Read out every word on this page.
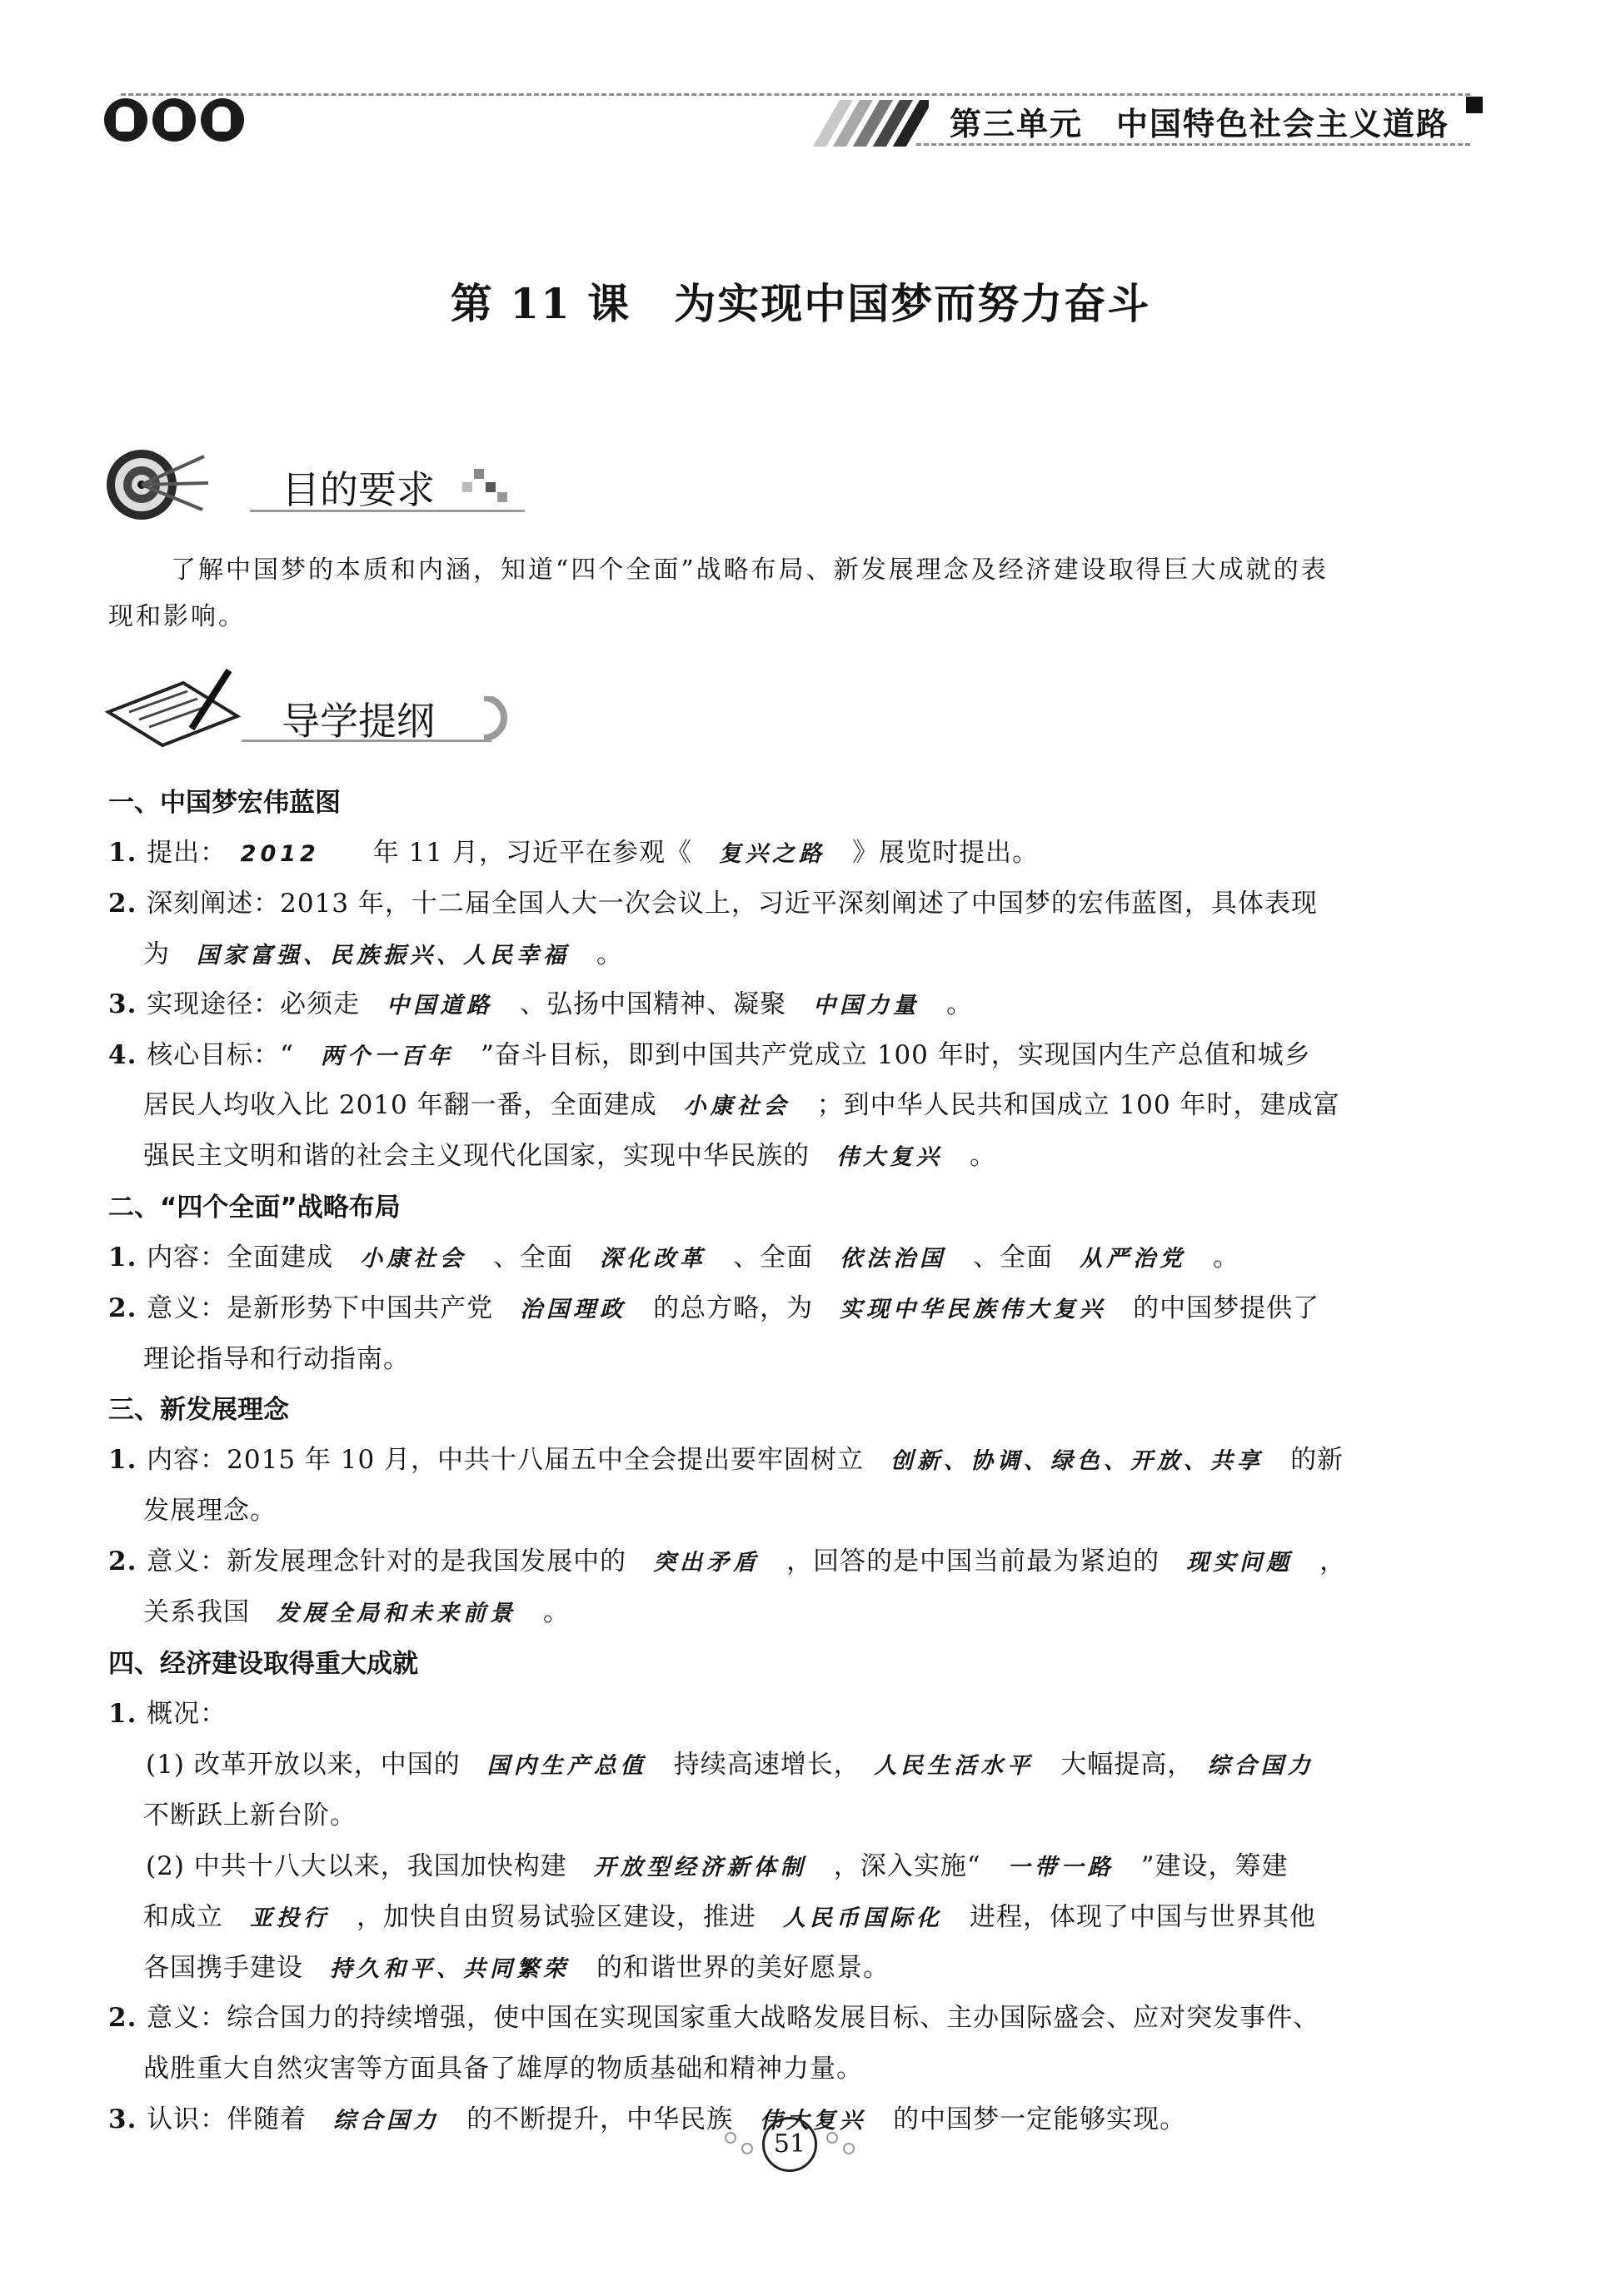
第三单元　中国特色社会主义道路
第 11 课　为实现中国梦而努力奋斗
目的要求
了解中国梦的本质和内涵，知道“四个全面”战略布局、新发展理念及经济建设取得巨大成就的表
现和影响。
导学提纲
一、中国梦宏伟蓝图
二、“四个全面”战略布局
三、新发展理念
四、经济建设取得重大成就
1. 提出：　2012　　年 11 月，习近平在参观《　复兴之路　》展览时提出。
2. 深刻阐述：2013 年，十二届全国人大一次会议上，习近平深刻阐述了中国梦的宏伟蓝图，具体表现
为　国家富强、民族振兴、人民幸福　。
3. 实现途径：必须走　中国道路　、弘扬中国精神、凝聚　中国力量　。
4. 核心目标：“　两个一百年　”奋斗目标，即到中国共产党成立 100 年时，实现国内生产总值和城乡
居民人均收入比 2010 年翻一番，全面建成　小康社会　；到中华人民共和国成立 100 年时，建成富
强民主文明和谐的社会主义现代化国家，实现中华民族的　伟大复兴　。
1. 内容：全面建成　小康社会　、全面　深化改革　、全面　依法治国　、全面　从严治党　。
2. 意义：是新形势下中国共产党　治国理政　的总方略，为　实现中华民族伟大复兴　的中国梦提供了
理论指导和行动指南。
1. 内容：2015 年 10 月，中共十八届五中全会提出要牢固树立　创新、协调、绿色、开放、共享　的新
发展理念。
2. 意义：新发展理念针对的是我国发展中的　突出矛盾　，回答的是中国当前最为紧迫的　现实问题　，
关系我国　发展全局和未来前景　。
1. 概况：
(1) 改革开放以来，中国的　国内生产总值　持续高速增长，　人民生活水平　大幅提高，　综合国力　
不断跃上新台阶。
(2) 中共十八大以来，我国加快构建　开放型经济新体制　，深入实施“　一带一路　”建设，筹建
和成立　亚投行　，加快自由贸易试验区建设，推进　人民币国际化　进程，体现了中国与世界其他
各国携手建设　持久和平、共同繁荣　的和谐世界的美好愿景。
2. 意义：综合国力的持续增强，使中国在实现国家重大战略发展目标、主办国际盛会、应对突发事件、
战胜重大自然灾害等方面具备了雄厚的物质基础和精神力量。
3. 认识：伴随着　综合国力　的不断提升，中华民族　伟大复兴　的中国梦一定能够实现。
51
